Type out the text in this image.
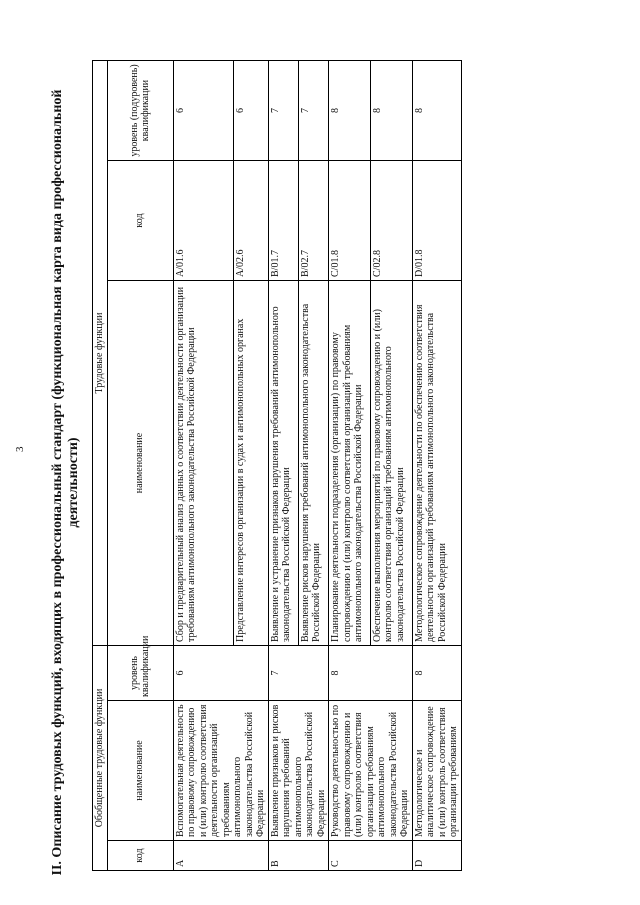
3 II. Описание трудовых функций, входящих в профессиональный стандарт (функциональная карта вида профессиональной деятельности)
Обобщенные трудовые функции			Трудовые функции		
код	наименование	уровень квалификации	наименование	код	уровень (подуровень) квалификации
A	Вспомогательная деятельность по правовому сопровождению и (или) контролю соответствия деятельности организаций требованиям антимонопольного законодательства Российской Федерации	6	Сбор и предварительный анализ данных о соответствии деятельности организации требованиям антимонопольного законодательства Российской Федерации	A/01.6	6
			Представление интересов организации в судах и антимонопольных органах	A/02.6	6
B	Выявление признаков и рисков нарушения требований антимонопольного законодательства Российской Федерации	7	Выявление и устранение признаков нарушения требований антимонопольного законодательства Российской Федерации	B/01.7	7
			Выявление рисков нарушения требований антимонопольного законодательства Российской Федерации	B/02.7	7
C	Руководство деятельностью по правовому сопровождению и (или) контролю соответствия организации требованиям антимонопольного законодательства Российской Федерации	8	Планирование деятельности подразделения (организации) по правовому сопровождению и (или) контролю соответствия организаций требованиям антимонопольного законодательства Российской Федерации	C/01.8	8
			Обеспечение выполнения мероприятий по правовому сопровождению и (или) контролю соответствия организаций требованиям антимонопольного законодательства Российской Федерации	C/02.8	8
D	Методологическое и аналитическое сопровождение и (или) контроль соответствия организации требованиям	8	Методологическое сопровождение деятельности по обеспечению соответствия деятельности организаций требованиям антимонопольного законодательства Российской Федерации	D/01.8	8
